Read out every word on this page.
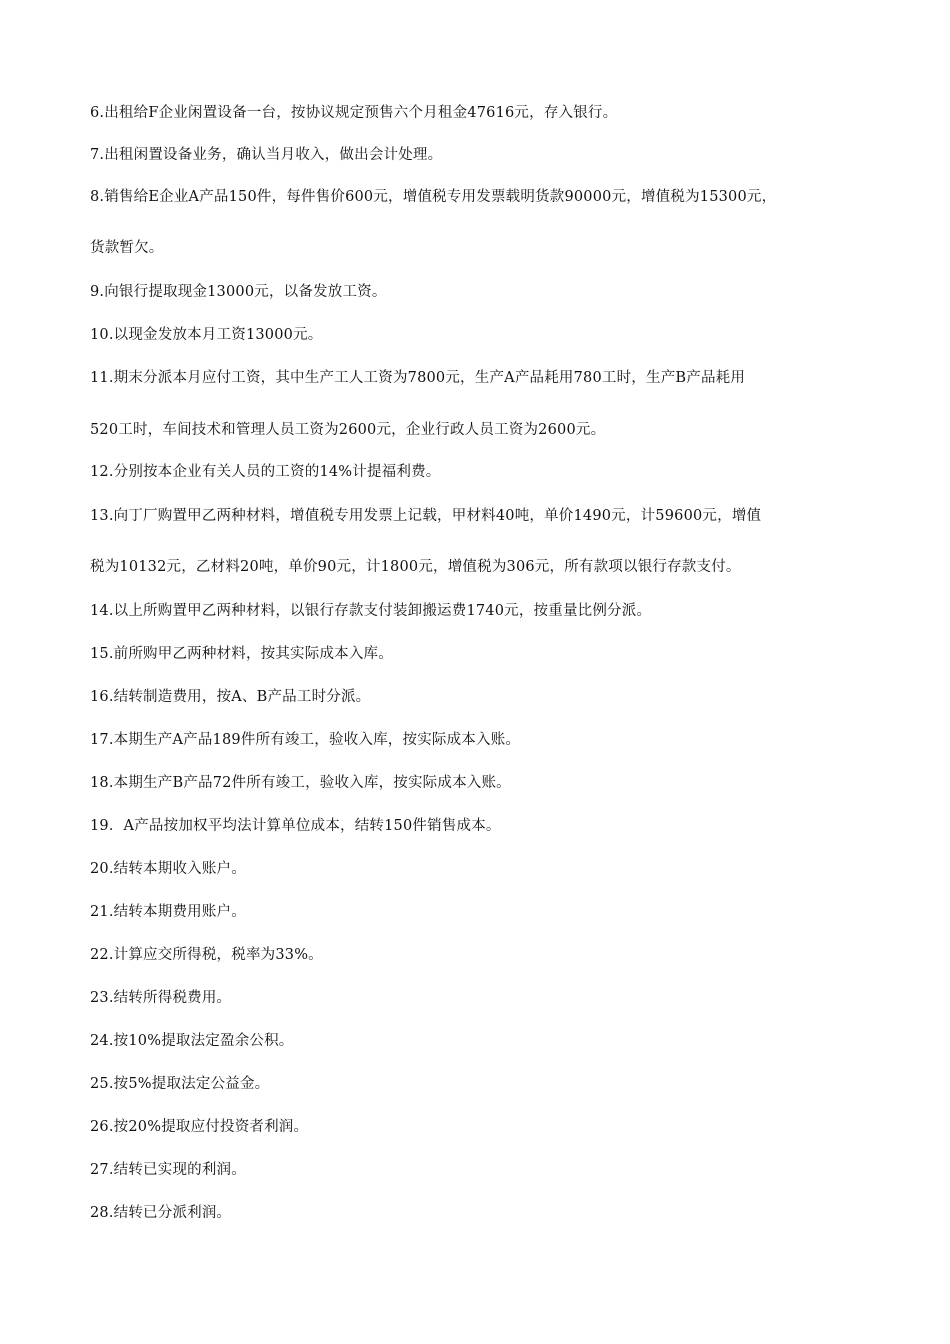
6.出租给F企业闲置设备一台，按协议规定预售六个月租金47616元，存入银行。
7.出租闲置设备业务，确认当月收入，做出会计处理。
8.销售给E企业A产品150件，每件售价600元，增值税专用发票载明货款90000元，增值税为15300元，
货款暂欠。
9.向银行提取现金13000元，以备发放工资。
10.以现金发放本月工资13000元。
11.期末分派本月应付工资，其中生产工人工资为7800元，生产A产品耗用780工时，生产B产品耗用
520工时，车间技术和管理人员工资为2600元，企业行政人员工资为2600元。
12.分别按本企业有关人员的工资的14%计提福利费。
13.向丁厂购置甲乙两种材料，增值税专用发票上记载，甲材料40吨，单价1490元，计59600元，增值
税为10132元，乙材料20吨，单价90元，计1800元，增值税为306元，所有款项以银行存款支付。
14.以上所购置甲乙两种材料，以银行存款支付装卸搬运费1740元，按重量比例分派。
15.前所购甲乙两种材料，按其实际成本入库。
16.结转制造费用，按A、B产品工时分派。
17.本期生产A产品189件所有竣工，验收入库，按实际成本入账。
18.本期生产B产品72件所有竣工，验收入库，按实际成本入账。
19．A产品按加权平均法计算单位成本，结转150件销售成本。
20.结转本期收入账户。
21.结转本期费用账户。
22.计算应交所得税，税率为33%。
23.结转所得税费用。
24.按10%提取法定盈余公积。
25.按5%提取法定公益金。
26.按20%提取应付投资者利润。
27.结转已实现的利润。
28.结转已分派利润。
